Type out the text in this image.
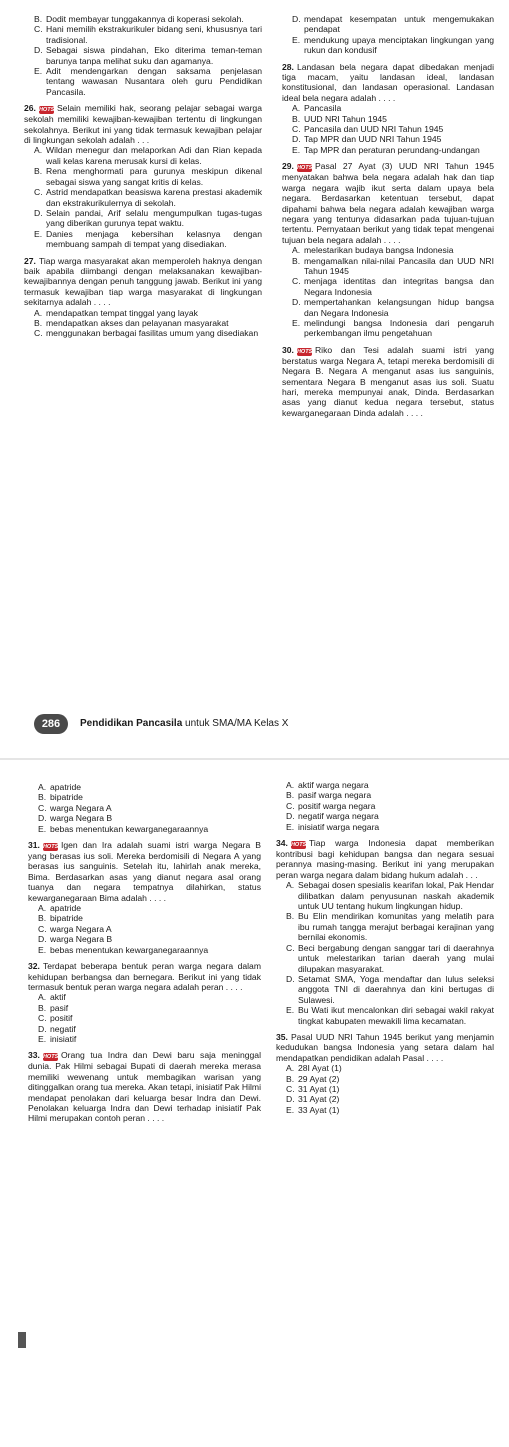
B. Dodit membayar tunggakannya di koperasi sekolah.
C. Hani memilih ekstrakurikuler bidang seni, khususnya tari tradisional.
D. Sebagai siswa pindahan, Eko diterima teman-teman barunya tanpa melihat suku dan agamanya.
E. Adit mendengarkan dengan saksama penjelasan tentang wawasan Nusantara oleh guru Pendidikan Pancasila.
26. HOTS Selain memiliki hak, seorang pelajar sebagai warga sekolah memiliki kewajiban-kewajiban tertentu di lingkungan sekolahnya. Berikut ini yang tidak termasuk kewajiban pelajar di lingkungan sekolah adalah . . .
A. Wildan menegur dan melaporkan Adi dan Rian kepada wali kelas karena merusak kursi di kelas.
B. Rena menghormati para gurunya meskipun dikenal sebagai siswa yang sangat kritis di kelas.
C. Astrid mendapatkan beasiswa karena prestasi akademik dan ekstrakurikulernya di sekolah.
D. Selain pandai, Arif selalu mengumpulkan tugas-tugas yang diberikan gurunya tepat waktu.
E. Danies menjaga kebersihan kelasnya dengan membuang sampah di tempat yang disediakan.
27. Tiap warga masyarakat akan memperoleh haknya dengan baik apabila diimbangi dengan melaksanakan kewajiban-kewajibannya dengan penuh tanggung jawab. Berikut ini yang termasuk kewajiban tiap warga masyarakat di lingkungan sekitarnya adalah . . . .
A. mendapatkan tempat tinggal yang layak
B. mendapatkan akses dan pelayanan masyarakat
C. menggunakan berbagai fasilitas umum yang disediakan
D. mendapat kesempatan untuk mengemukakan pendapat
E. mendukung upaya menciptakan lingkungan yang rukun dan kondusif
28. Landasan bela negara dapat dibedakan menjadi tiga macam, yaitu landasan ideal, landasan konstitusional, dan landasan operasional. Landasan ideal bela negara adalah . . . .
A. Pancasila
B. UUD NRI Tahun 1945
C. Pancasila dan UUD NRI Tahun 1945
D. Tap MPR dan UUD NRI Tahun 1945
E. Tap MPR dan peraturan perundang-undangan
29. HOTS Pasal 27 Ayat (3) UUD NRI Tahun 1945 menyatakan bahwa bela negara adalah hak dan tiap warga negara wajib ikut serta dalam upaya bela negara. Berdasarkan ketentuan tersebut, dapat dipahami bahwa bela negara adalah kewajiban warga negara yang tentunya didasarkan pada tujuan-tujuan tertentu. Pernyataan berikut yang tidak tepat mengenai tujuan bela negara adalah . . . .
A. melestarikan budaya bangsa Indonesia
B. mengamalkan nilai-nilai Pancasila dan UUD NRI Tahun 1945
C. menjaga identitas dan integritas bangsa dan Negara Indonesia
D. mempertahankan kelangsungan hidup bangsa dan Negara Indonesia
E. melindungi bangsa Indonesia dari pengaruh perkembangan ilmu pengetahuan
30. HOTS Riko dan Tesi adalah suami istri yang berstatus warga Negara A, tetapi mereka berdomisili di Negara B. Negara A menganut asas ius sanguinis, sementara Negara B menganut asas ius soli. Suatu hari, mereka mempunyai anak, Dinda. Berdasarkan asas yang dianut kedua negara tersebut, status kewarganegaraan Dinda adalah . . . .
286	Pendidikan Pancasila untuk SMA/MA Kelas X
A. apatride
B. bipatride
C. warga Negara A
D. warga Negara B
E. bebas menentukan kewarganegaraannya
31. HOTS Igen dan Ira adalah suami istri warga Negara B yang berasas ius soli. Mereka berdomisili di Negara A yang berasas ius sanguinis. Setelah itu, lahirlah anak mereka, Bima. Berdasarkan asas yang dianut negara asal orang tuanya dan negara tempatnya dilahirkan, status kewarganegaraan Bima adalah . . . .
A. apatride
B. bipatride
C. warga Negara A
D. warga Negara B
E. bebas menentukan kewarganegaraannya
32. Terdapat beberapa bentuk peran warga negara dalam kehidupan berbangsa dan bernegara. Berikut ini yang tidak termasuk bentuk peran warga negara adalah peran . . . .
A. aktif
B. pasif
C. positif
D. negatif
E. inisiatif
33. HOTS Orang tua Indra dan Dewi baru saja meninggal dunia. Pak Hilmi sebagai Bupati di daerah mereka merasa memiliki wewenang untuk membagikan warisan yang ditinggalkan orang tua mereka. Akan tetapi, inisiatif Pak Hilmi mendapat penolakan dari keluarga besar Indra dan Dewi. Penolakan keluarga Indra dan Dewi terhadap inisiatif Pak Hilmi merupakan contoh peran . . . .
A. aktif warga negara
B. pasif warga negara
C. positif warga negara
D. negatif warga negara
E. inisiatif warga negara
34. HOTS Tiap warga Indonesia dapat memberikan kontribusi bagi kehidupan bangsa dan negara sesuai perannya masing-masing. Berikut ini yang merupakan peran warga negara dalam bidang hukum adalah . . .
A. Sebagai dosen spesialis kearifan lokal, Pak Hendar dilibatkan dalam penyusunan naskah akademik untuk UU tentang hukum lingkungan hidup.
B. Bu Elin mendirikan komunitas yang melatih para ibu rumah tangga merajut berbagai kerajinan yang bernilai ekonomis.
C. Beci bergabung dengan sanggar tari di daerahnya untuk melestarikan tarian daerah yang mulai dilupakan masyarakat.
D. Setamat SMA, Yoga mendaftar dan lulus seleksi anggota TNI di daerahnya dan kini bertugas di Sulawesi.
E. Bu Wati ikut mencalonkan diri sebagai wakil rakyat tingkat kabupaten mewakili lima kecamatan.
35. Pasal UUD NRI Tahun 1945 berikut yang menjamin kedudukan bangsa Indonesia yang setara dalam hal mendapatkan pendidikan adalah Pasal . . . .
A. 28I Ayat (1)
B. 29 Ayat (2)
C. 31 Ayat (1)
D. 31 Ayat (2)
E. 33 Ayat (1)
